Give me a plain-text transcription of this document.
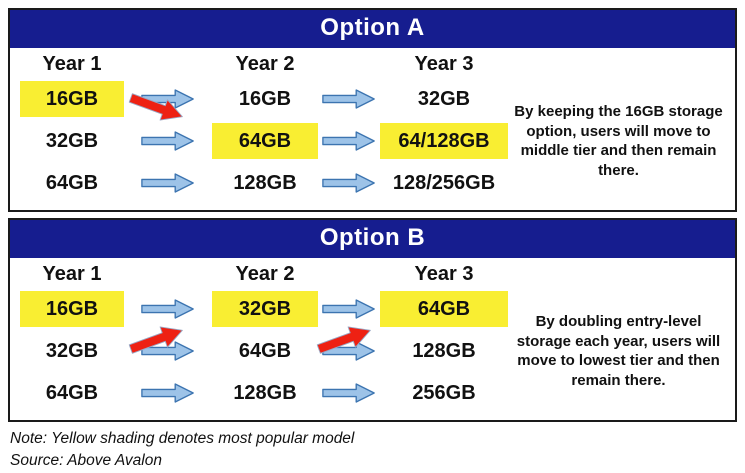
Option A
Year 1
16GB
32GB
64GB
Year 2
16GB
64GB
128GB
Year 3
32GB
64/128GB
128/256GB
By keeping the 16GB storage option, users will move to middle tier and then remain there.
Option B
Year 1
16GB
32GB
64GB
Year 2
32GB
64GB
128GB
Year 3
64GB
128GB
256GB
By doubling entry-level storage each year, users will move to lowest tier and then remain there.
Note: Yellow shading denotes most popular model
Source: Above Avalon
